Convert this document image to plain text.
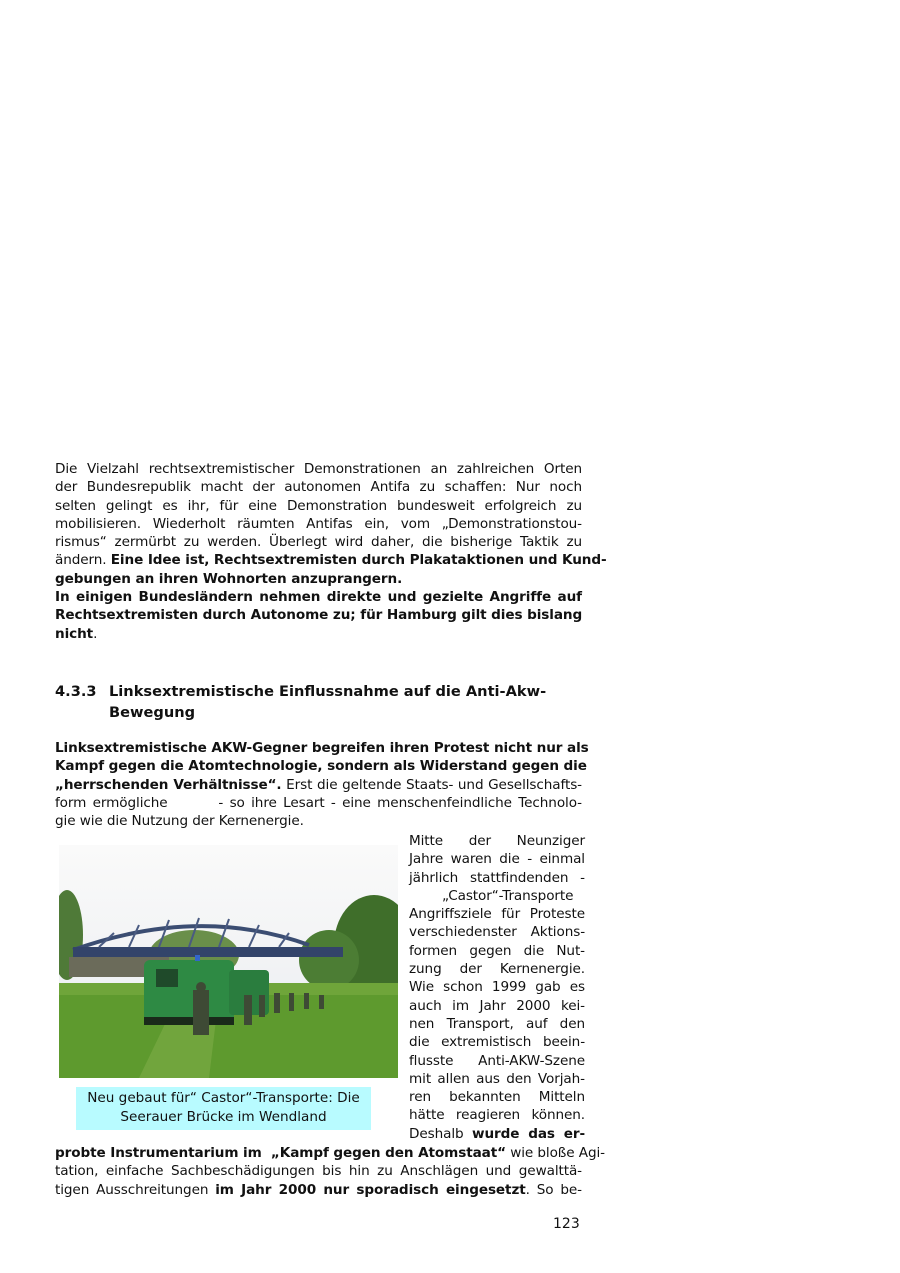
Die Vielzahl rechtsextremistischer Demonstrationen an zahlreichen Orten
der Bundesrepublik macht der autonomen Antifa zu schaffen: Nur noch
selten gelingt es ihr, für eine Demonstration bundesweit erfolgreich zu
mobilisieren. Wiederholt räumten Antifas ein, vom „Demonstrationstou-
rismus“ zermürbt zu werden. Überlegt wird daher, die bisherige Taktik zu
ändern. Eine Idee ist, Rechtsextremisten durch Plakataktionen und Kund-
gebungen an ihren Wohnorten anzuprangern.
In einigen Bundesländern nehmen direkte und gezielte Angriffe auf
Rechtsextremisten durch Autonome zu; für Hamburg gilt dies bislang
nicht.
4.3.3 Linksextremistische Einflussnahme auf die Anti-Akw-Bewegung
Linksextremistische AKW-Gegner begreifen ihren Protest nicht nur als
Kampf gegen die Atomtechnologie, sondern als Widerstand gegen die
„herrschenden Verhältnisse“. Erst die geltende Staats- und Gesellschafts-
form ermögliche        - so ihre Lesart - eine menschenfeindliche Technolo-
gie wie die Nutzung der Kernenergie.
Neu gebaut für“ Castor“-Transporte: Die
Seerauer Brücke im Wendland
Mitte der Neunziger
Jahre waren die - einmal
jährlich stattfindenden -
„Castor“-Transporte
Angriffsziele für Proteste
verschiedenster Aktions-
formen gegen die Nut-
zung der Kernenergie.
Wie schon 1999 gab es
auch im Jahr 2000 kei-
nen Transport, auf den
die extremistisch beein-
flusste Anti-AKW-Szene
mit allen aus den Vorjah-
ren bekannten Mitteln
hätte reagieren können.
Deshalb wurde das er-
probte Instrumentarium im  „Kampf gegen den Atomstaat“ wie bloße Agi-
tation, einfache Sachbeschädigungen bis hin zu Anschlägen und gewalttä-
tigen Ausschreitungen im Jahr 2000 nur sporadisch eingesetzt. So be-
123
